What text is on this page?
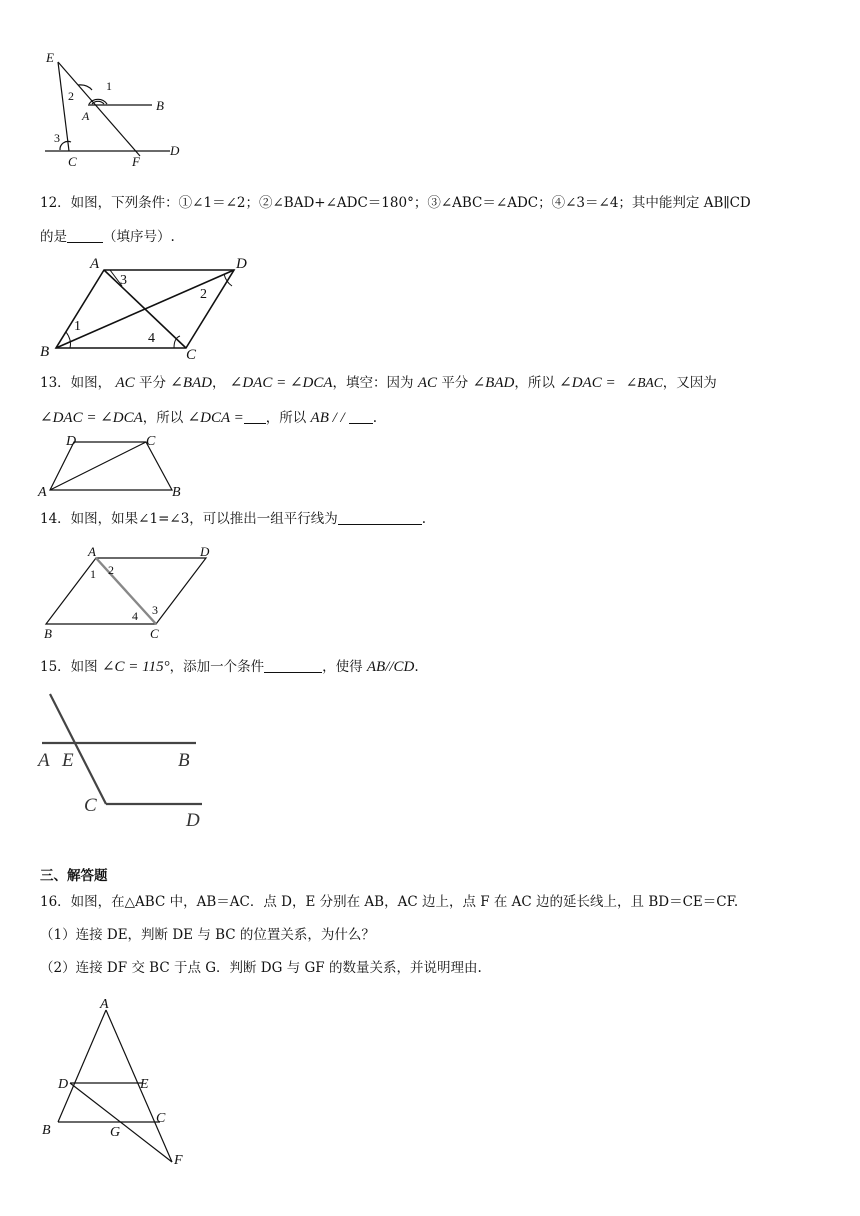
E
2
1
A
B
3
C	F
D
12．如图，下列条件：①∠1＝∠2；②∠BAD+∠ADC＝180°；③∠ABC＝∠ADC；④∠3＝∠4；其中能判定 AB∥CD
的是	（填序号）.
A	D
B	C
3
2
1
4
13．如图， AC 平分 ∠BAD， ∠DAC = ∠DCA，填空：因为 AC 平分 ∠BAD，所以 ∠DAC = ∠BAC，又因为
∠DAC = ∠DCA，所以 ∠DCA = ，所以 AB / / .
D	C
A	B
14．如图，如果∠1=∠3，可以推出一组平行线为	.
A	D
B	C
1 2
4 3
15．如图 ∠C = 115°，添加一个条件	，使得 AB//CD.
A E	B
C
D
三、解答题
16．如图，在△ABC 中，AB＝AC．点 D，E 分别在 AB，AC 边上，点 F 在 AC 边的延长线上，且 BD＝CE＝CF.
（1）连接 DE，判断 DE 与 BC 的位置关系，为什么？
（2）连接 DF 交 BC 于点 G．判断 DG 与 GF 的数量关系，并说明理由.
A
D	E
B	G
C
F
